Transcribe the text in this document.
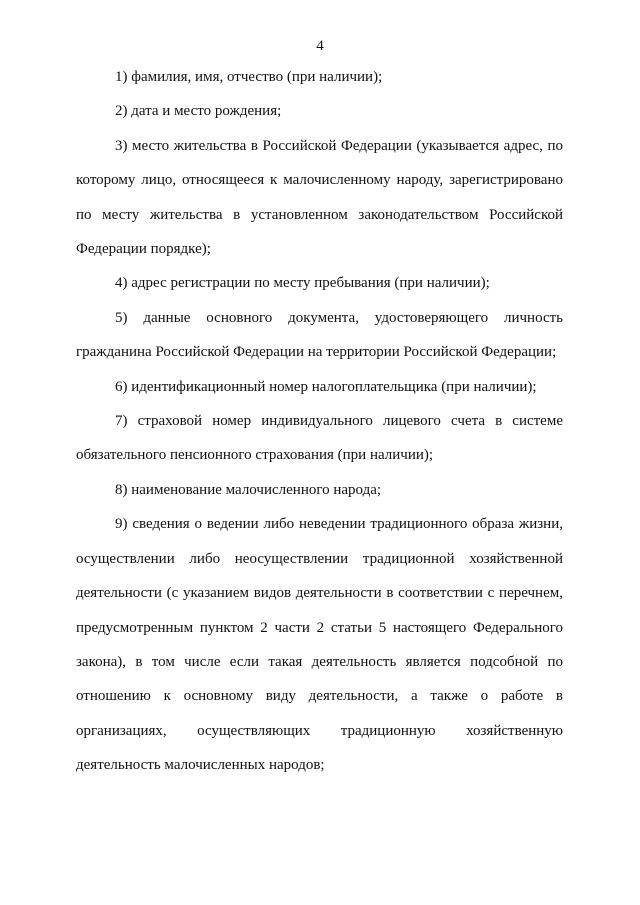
4
1) фамилия, имя, отчество (при наличии);
2) дата и место рождения;
3) место жительства в Российской Федерации (указывается адрес, по
которому лицо, относящееся к малочисленному народу, зарегистрировано
по месту жительства в установленном законодательством Российской
Федерации порядке);
4) адрес регистрации по месту пребывания (при наличии);
5) данные основного документа, удостоверяющего личность
гражданина Российской Федерации на территории Российской Федерации;
6) идентификационный номер налогоплательщика (при наличии);
7) страховой номер индивидуального лицевого счета в системе
обязательного пенсионного страхования (при наличии);
8) наименование малочисленного народа;
9) сведения о ведении либо неведении традиционного образа жизни,
осуществлении либо неосуществлении традиционной хозяйственной
деятельности (с указанием видов деятельности в соответствии с перечнем,
предусмотренным пунктом 2 части 2 статьи 5 настоящего Федерального
закона), в том числе если такая деятельность является подсобной по
отношению к основному виду деятельности, а также о работе в
организациях, осуществляющих традиционную хозяйственную
деятельность малочисленных народов;
